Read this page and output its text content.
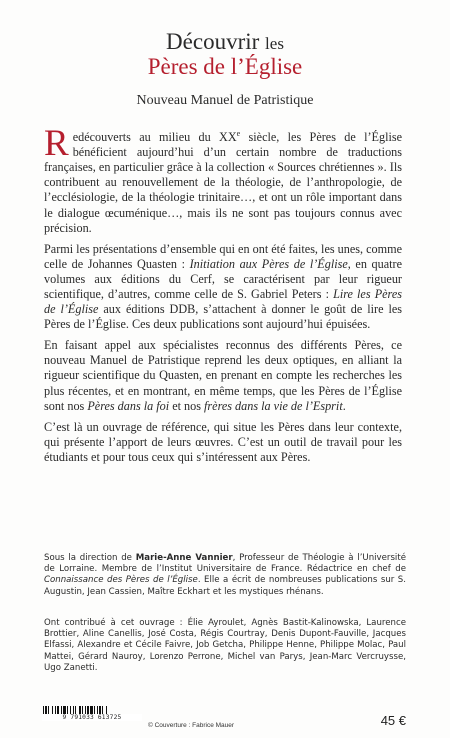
Découvrir les
Pères de l’Église
Nouveau Manuel de Patristique

Redécouverts au milieu du XXe siècle, les Pères de l’Église bénéficient aujourd’hui d’un certain nombre de traductions françaises, en particulier grâce à la collection « Sources chrétiennes ». Ils contribuent au renouvellement de la théologie, de l’anthropologie, de l’ecclésiologie, de la théologie trinitaire…, et ont un rôle important dans le dialogue œcuménique…, mais ils ne sont pas toujours connus avec précision.

Parmi les présentations d’ensemble qui en ont été faites, les unes, comme celle de Johannes Quasten : Initiation aux Pères de l’Église, en quatre volumes aux éditions du Cerf, se caractérisent par leur rigueur scientifique, d’autres, comme celle de S. Gabriel Peters : Lire les Pères de l’Église aux éditions DDB, s’attachent à donner le goût de lire les Pères de l’Église. Ces deux publications sont aujourd’hui épuisées.

En faisant appel aux spécialistes reconnus des différents Pères, ce nouveau Manuel de Patristique reprend les deux optiques, en alliant la rigueur scientifique du Quasten, en prenant en compte les recherches les plus récentes, et en montrant, en même temps, que les Pères de l’Église sont nos Pères dans la foi et nos frères dans la vie de l’Esprit.

C’est là un ouvrage de référence, qui situe les Pères dans leur contexte, qui présente l’apport de leurs œuvres. C’est un outil de travail pour les étudiants et pour tous ceux qui s’intéressent aux Pères.

Sous la direction de Marie-Anne Vannier, Professeur de Théologie à l’Université de Lorraine. Membre de l’Institut Universitaire de France. Rédactrice en chef de Connaissance des Pères de l’Église. Elle a écrit de nombreuses publications sur S. Augustin, Jean Cassien, Maître Eckhart et les mystiques rhénans.
Ont contribué à cet ouvrage : Élie Ayroulet, Agnès Bastit-Kalinowska, Laurence Brottier, Aline Canellis, José Costa, Régis Courtray, Denis Dupont-Fauville, Jacques Elfassi, Alexandre et Cécile Faivre, Job Getcha, Philippe Henne, Philippe Molac, Paul Mattei, Gérard Nauroy, Lorenzo Perrone, Michel van Parys, Jean-Marc Vercruysse, Ugo Zanetti.
9 791033 613725
© Couverture : Fabrice Mauer	45 €
